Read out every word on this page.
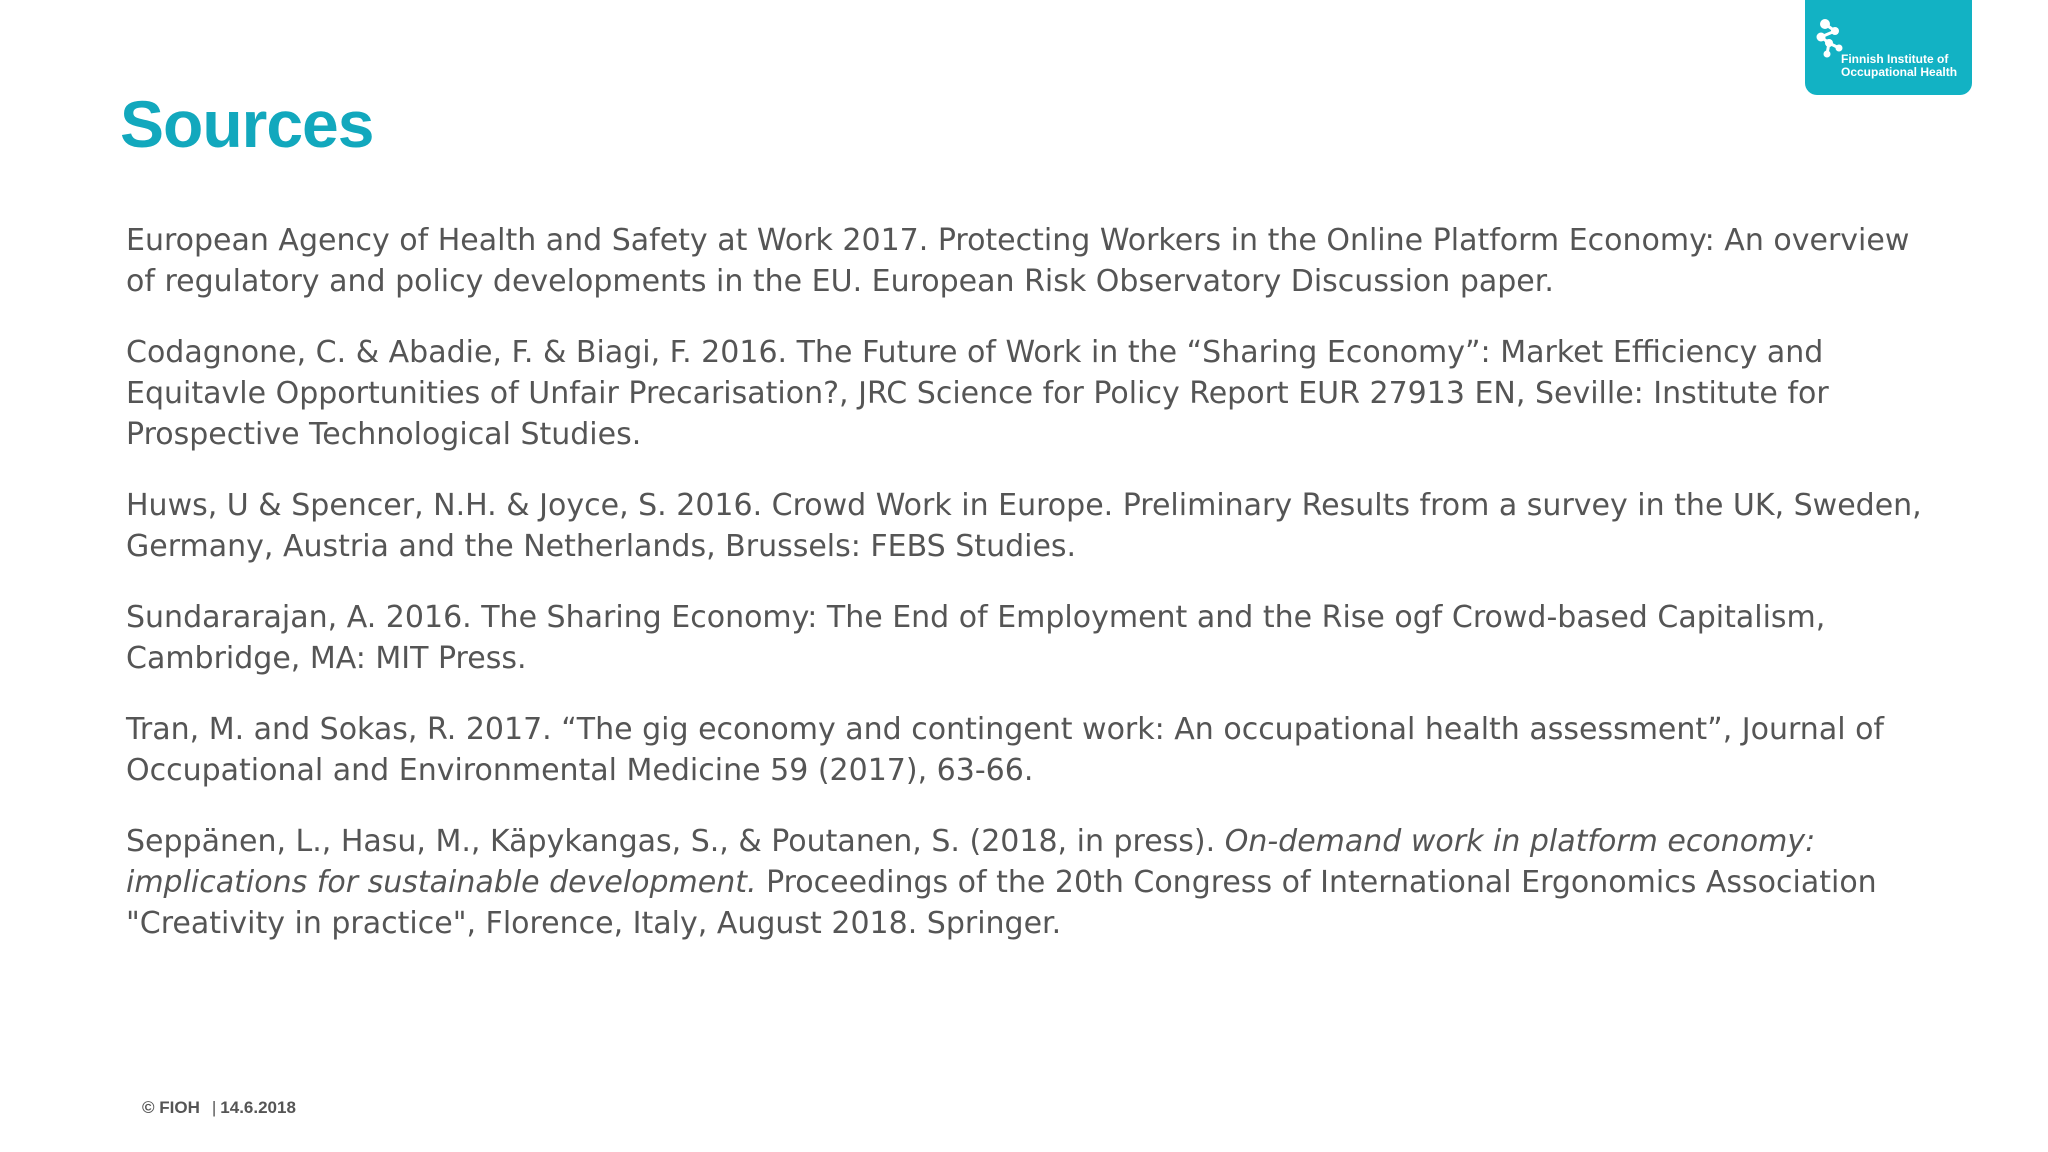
Finnish Institute of
Occupational Health
Sources

European Agency of Health and Safety at Work 2017. Protecting Workers in the Online Platform Economy: An overview of regulatory and policy developments in the EU. European Risk Observatory Discussion paper.

Codagnone, C. & Abadie, F. & Biagi, F. 2016. The Future of Work in the “Sharing Economy”: Market Efficiency and Equitavle Opportunities of Unfair Precarisation?, JRC Science for Policy Report EUR 27913 EN, Seville: Institute for Prospective Technological Studies.

Huws, U & Spencer, N.H. & Joyce, S. 2016. Crowd Work in Europe. Preliminary Results from a survey in the UK, Sweden, Germany, Austria and the Netherlands, Brussels: FEBS Studies.

Sundararajan, A. 2016. The Sharing Economy: The End of Employment and the Rise ogf Crowd-based Capitalism, Cambridge, MA: MIT Press.

Tran, M. and Sokas, R. 2017. “The gig economy and contingent work: An occupational health assessment”, Journal of Occupational and Environmental Medicine 59 (2017), 63-66.

Seppänen, L., Hasu, M., Käpykangas, S., & Poutanen, S. (2018, in press). On-demand work in platform economy: implications for sustainable development. Proceedings of the 20th Congress of International Ergonomics Association "Creativity in practice", Florence, Italy, August 2018. Springer.

© FIOH | 14.6.2018
